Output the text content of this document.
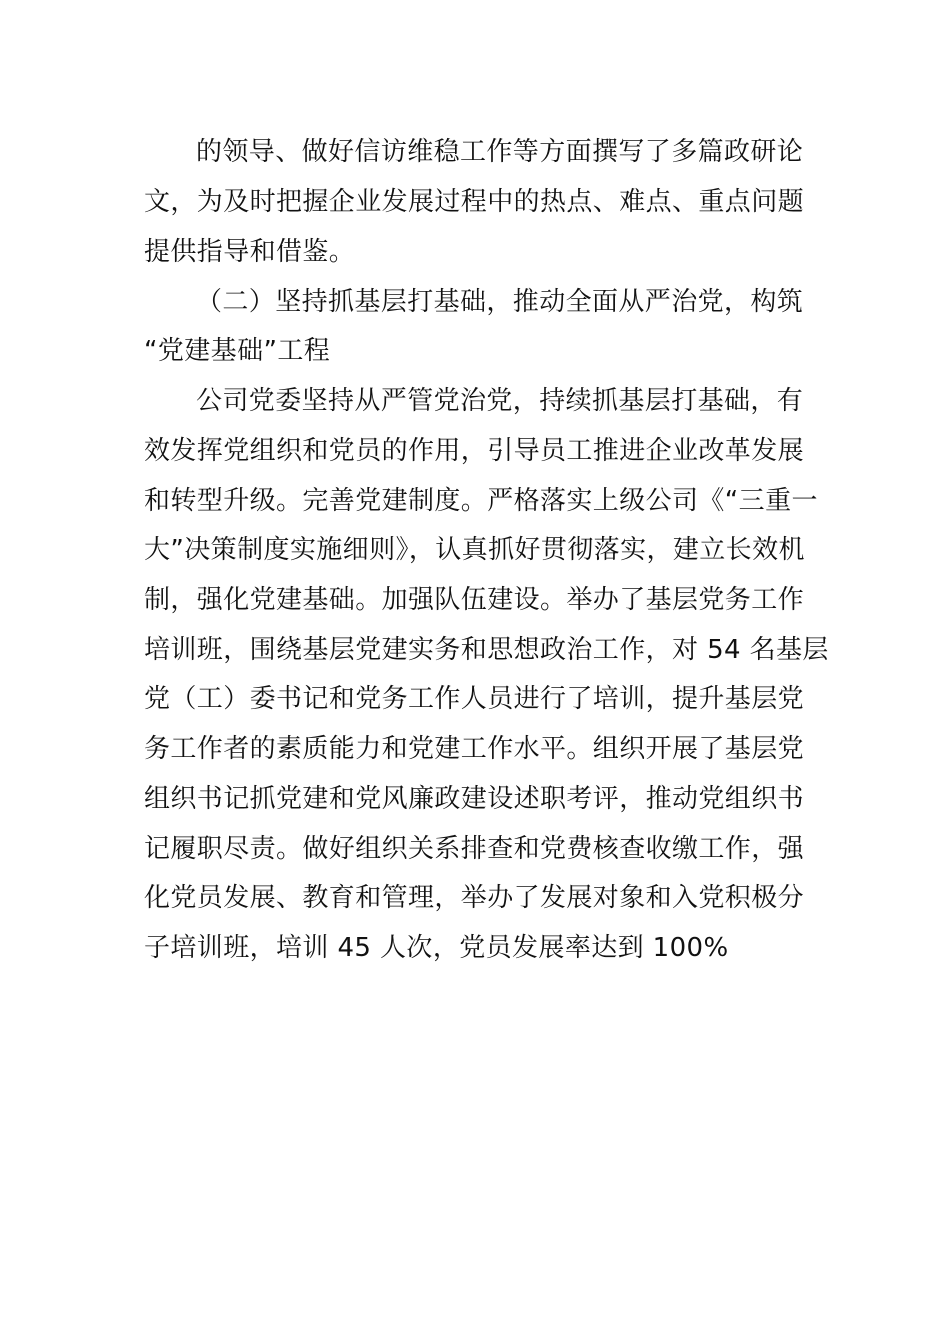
的领导、做好信访维稳工作等方面撰写了多篇政研论
文，为及时把握企业发展过程中的热点、难点、重点问题
提供指导和借鉴。
（二）坚持抓基层打基础，推动全面从严治党，构筑
“党建基础”工程
公司党委坚持从严管党治党，持续抓基层打基础，有
效发挥党组织和党员的作用，引导员工推进企业改革发展
和转型升级。完善党建制度。严格落实上级公司《“三重一
大”决策制度实施细则》，认真抓好贯彻落实，建立长效机
制，强化党建基础。加强队伍建设。举办了基层党务工作
培训班，围绕基层党建实务和思想政治工作，对 54 名基层
党（工）委书记和党务工作人员进行了培训，提升基层党
务工作者的素质能力和党建工作水平。组织开展了基层党
组织书记抓党建和党风廉政建设述职考评，推动党组织书
记履职尽责。做好组织关系排查和党费核查收缴工作，强
化党员发展、教育和管理，举办了发展对象和入党积极分
子培训班，培训 45 人次，党员发展率达到 100%
